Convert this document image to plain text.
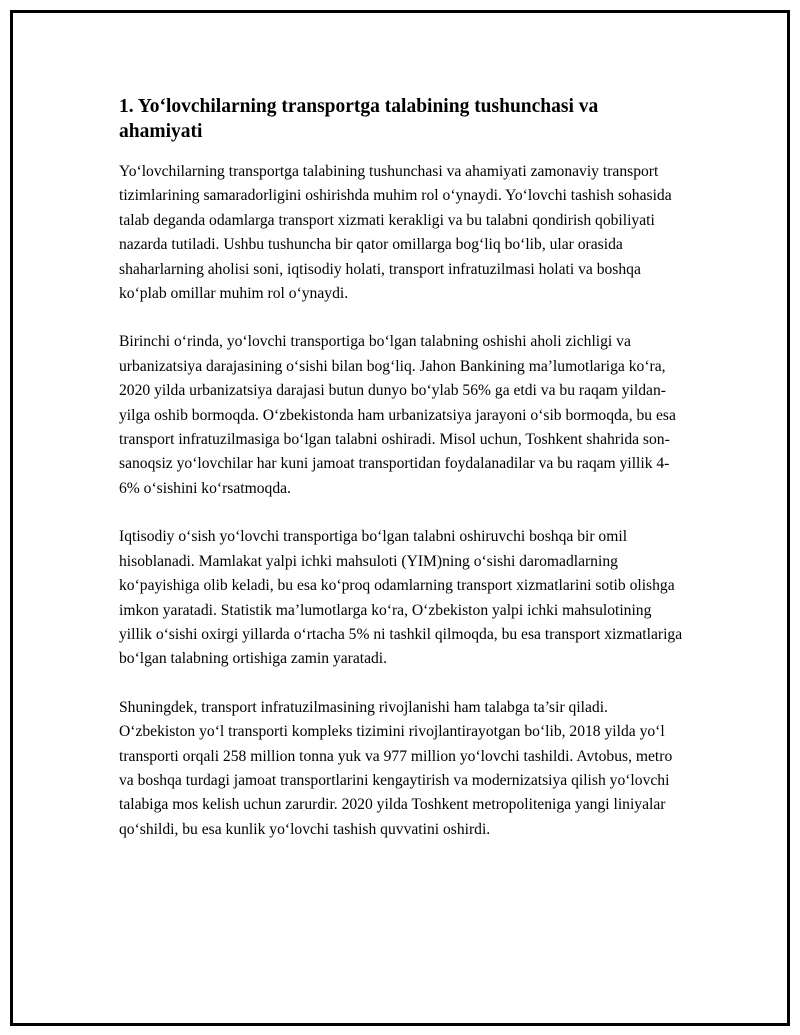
1. Yo‘lovchilarning transportga talabining tushunchasi va ahamiyati

Yo‘lovchilarning transportga talabining tushunchasi va ahamiyati zamonaviy transport tizimlarining samaradorligini oshirishda muhim rol o‘ynaydi. Yo‘lovchi tashish sohasida talab deganda odamlarga transport xizmati kerakligi va bu talabni qondirish qobiliyati nazarda tutiladi. Ushbu tushuncha bir qator omillarga bog‘liq bo‘lib, ular orasida shaharlarning aholisi soni, iqtisodiy holati, transport infratuzilmasi holati va boshqa ko‘plab omillar muhim rol o‘ynaydi.

Birinchi o‘rinda, yo‘lovchi transportiga bo‘lgan talabning oshishi aholi zichligi va urbanizatsiya darajasining o‘sishi bilan bog‘liq. Jahon Bankining ma’lumotlariga ko‘ra, 2020 yilda urbanizatsiya darajasi butun dunyo bo‘ylab 56% ga etdi va bu raqam yildan-yilga oshib bormoqda. O‘zbekistonda ham urbanizatsiya jarayoni o‘sib bormoqda, bu esa transport infratuzilmasiga bo‘lgan talabni oshiradi. Misol uchun, Toshkent shahrida son- sanoqsiz yo‘lovchilar har kuni jamoat transportidan foydalanadilar va bu raqam yillik 4-6% o‘sishini ko‘rsatmoqda.

Iqtisodiy o‘sish yo‘lovchi transportiga bo‘lgan talabni oshiruvchi boshqa bir omil hisoblanadi. Mamlakat yalpi ichki mahsuloti (YIM)ning o‘sishi daromadlarning ko‘payishiga olib keladi, bu esa ko‘proq odamlarning transport xizmatlarini sotib olishga imkon yaratadi. Statistik ma’lumotlarga ko‘ra, O‘zbekiston yalpi ichki mahsulotining yillik o‘sishi oxirgi yillarda o‘rtacha 5% ni tashkil qilmoqda, bu esa transport xizmatlariga bo‘lgan talabning ortishiga zamin yaratadi.

Shuningdek, transport infratuzilmasining rivojlanishi ham talabga ta’sir qiladi. O‘zbekiston yo‘l transporti kompleks tizimini rivojlantirayotgan bo‘lib, 2018 yilda yo‘l transporti orqali 258 million tonna yuk va 977 million yo‘lovchi tashildi. Avtobus, metro va boshqa turdagi jamoat transportlarini kengaytirish va modernizatsiya qilish yo‘lovchi talabiga mos kelish uchun zarurdir. 2020 yilda Toshkent metropoliteniga yangi liniyalar qo‘shildi, bu esa kunlik yo‘lovchi tashish quvvatini oshirdi.
